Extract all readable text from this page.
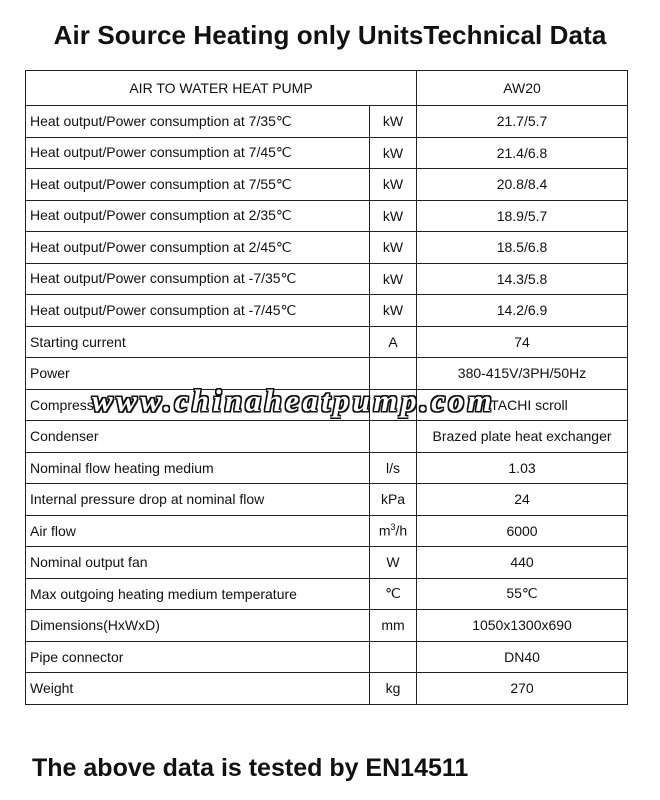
Air Source Heating only UnitsTechnical Data
AIR TO WATER HEAT PUMP		AW20
Heat output/Power consumption at 7/35℃	kW	21.7/5.7
Heat output/Power consumption at 7/45℃	kW	21.4/6.8
Heat output/Power consumption at 7/55℃	kW	20.8/8.4
Heat output/Power consumption at 2/35℃	kW	18.9/5.7
Heat output/Power consumption at 2/45℃	kW	18.5/6.8
Heat output/Power consumption at -7/35℃	kW	14.3/5.8
Heat output/Power consumption at -7/45℃	kW	14.2/6.9
Starting current	A	74
Power		380-415V/3PH/50Hz
Compressor		HITACHI scroll
Condenser		Brazed plate heat exchanger
Nominal flow heating medium	l/s	1.03
Internal pressure drop at nominal flow	kPa	24
Air flow	$m^3/h$	6000
Nominal output fan	W	440
Max outgoing heating medium temperature	℃	55℃
Dimensions(HxWxD)	mm	1050x1300x690
Pipe connector		DN40
Weight	kg	270
www.chinaheatpump.com
The above data is tested by EN14511
